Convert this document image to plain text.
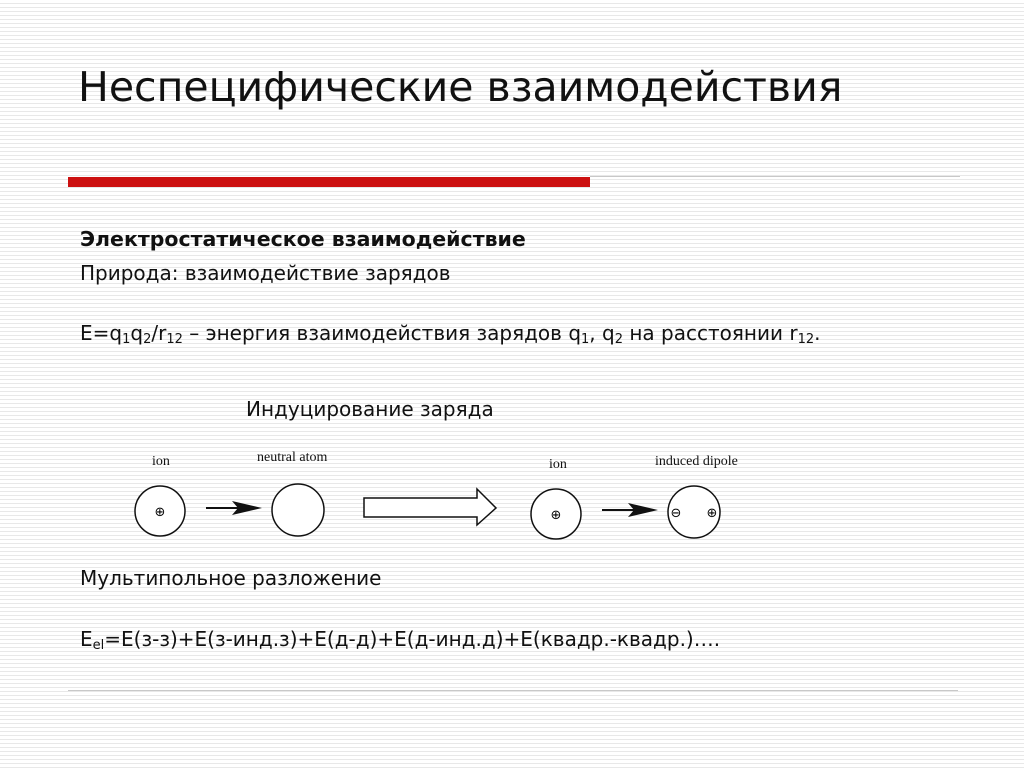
Неспецифические взаимодействия
Электростатическое взаимодействие
Природа: взаимодействие зарядов
$E=q_1q_2/r_{12}$ – энергия взаимодействия зарядов $q_1$, $q_2$ на расстоянии $r_{12}$.
Индуцирование заряда
ion	neutral atom	ion	induced dipole
⊕	⊕	⊖ ⊕
Мультипольное разложение
$E_{el}=E(з-з)+E(з-инд.з)+E(д-д)+E(д-инд.д)+E(квадр.-квадр.)\dots$.
